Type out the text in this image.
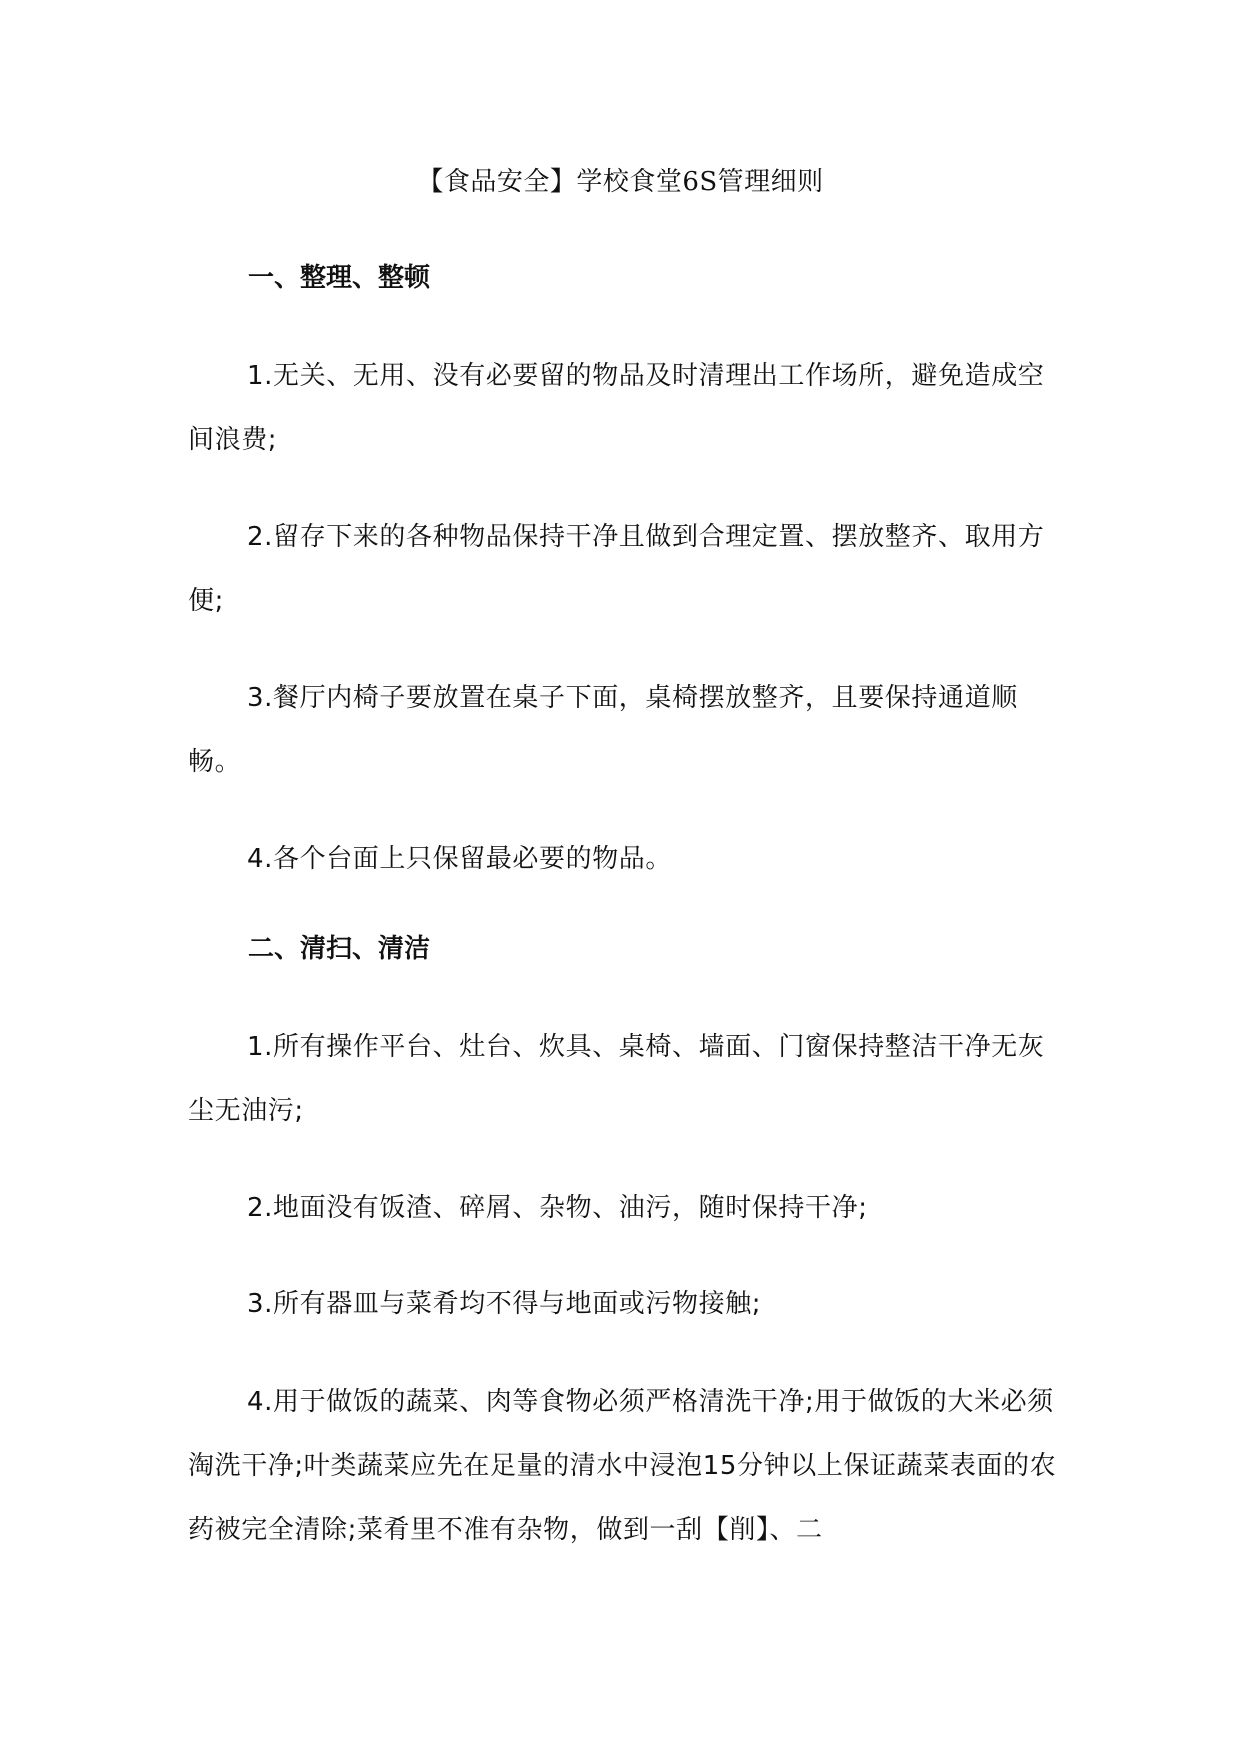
【食品安全】学校食堂6S管理细则
一、整理、整顿

1.无关、无用、没有必要留的物品及时清理出工作场所，避免造成空间浪费;

2.留存下来的各种物品保持干净且做到合理定置、摆放整齐、取用方便;

3.餐厅内椅子要放置在桌子下面，桌椅摆放整齐，且要保持通道顺畅。

4.各个台面上只保留最必要的物品。

二、清扫、清洁

1.所有操作平台、灶台、炊具、桌椅、墙面、门窗保持整洁干净无灰尘无油污;

2.地面没有饭渣、碎屑、杂物、油污，随时保持干净;

3.所有器皿与菜肴均不得与地面或污物接触;

4.用于做饭的蔬菜、肉等食物必须严格清洗干净;用于做饭的大米必须淘洗干净;叶类蔬菜应先在足量的清水中浸泡15分钟以上保证蔬菜表面的农药被完全清除;菜肴里不准有杂物，做到一刮【削】、二
